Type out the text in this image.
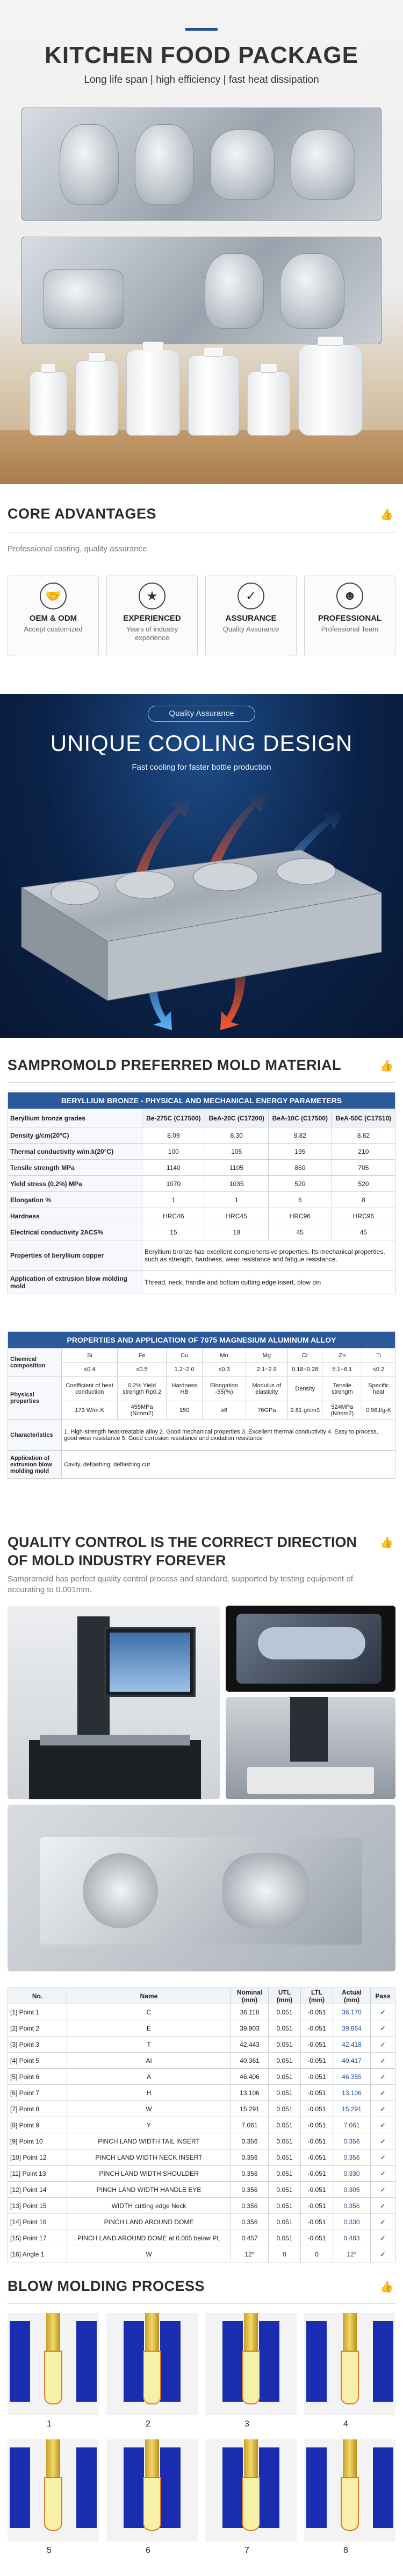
KITCHEN FOOD PACKAGE
Long life span | high efficiency | fast heat dissipation
CORE ADVANTAGES	👍
Professional casting, quality assurance
🤝
OEM & ODM
Accept customized
★
EXPERIENCED
Years of industry experience
✓
ASSURANCE
Quality Assurance
☻
PROFESSIONAL
Professional Team
Quality Assurance
UNIQUE COOLING DESIGN
Fast cooling for faster bottle production
SAMPROMOLD PREFERRED MOLD MATERIAL	👍
BERYLLIUM BRONZE - PHYSICAL AND MECHANICAL ENERGY PARAMETERS				
Beryllium bronze grades	Be-275C (C17500)	BeA-20C (C17200)	BeA-10C (C17500)	BeA-50C (C17510)
Density g/cm(20°C)	8.09	8.30	8.82	8.82
Thermal conductivity w/m.k(20°C)	100	105	195	210
Tensile strength MPa	1140	1105	860	705
Yield stress (0.2%) MPa	1070	1035	520	520
Elongation %	1	1	6	8
Hardness	HRC46	HRC45	HRC96	HRC96
Electrical conductivity 2ACS%	15	18	45	45
Properties of beryllium copper	Beryllium bronze has excellent comprehensive properties. Its mechanical properties, such as strength, hardness, wear resistance and fatigue resistance.			
Application of extrusion blow molding mold	Thread, neck, handle and bottom cutting edge insert, blow pin			
PROPERTIES AND APPLICATION OF 7075 MAGNESIUM ALUMINUM ALLOY								
Chemical composition	Si	Fe	Cu	Mn	Mg	Cr	Zn	Ti
	≤0.4	≤0.5	1.2~2.0	≤0.3	2.1~2.9	0.18~0.28	5.1~6.1	≤0.2
Physical properties	Coefficient of heat conduction	0.2% Yield strength Rp0.2	Hardness HB	Elongation -55(%)	Modulus of elasticity	Density	Tensile strength	Specific heat
	173 W/m.K	455MPa (N/mm2)	150	≥6	76GPa	2.81 g/cm3	524MPa (N/mm2)	0.96J/g-K
Characteristics	1. High-strength heat-treatable alloy 2. Good mechanical properties 3. Excellent thermal conductivity 4. Easy to process, good wear resistance 5. Good corrosion resistance and oxidation resistance							
Application of extrusion blow molding mold	Cavity, defiashing, deflashing cut							
QUALITY CONTROL IS THE CORRECT DIRECTION OF MOLD INDUSTRY FOREVER
👍
Sampromold has perfect quality control process and standard, supported by testing equipment of accurating to 0.001mm.
No.	Name	Nominal (mm)	UTL (mm)	LTL (mm)	Actual (mm)	Pass
[1] Point 1	C	36.118	0.051	-0.051	36.170	✓
[2] Point 2	E	39.903	0.051	-0.051	39.864	✓
[3] Point 3	T	42.443	0.051	-0.051	42.418	✓
[4] Point 5	AI	40.361	0.051	-0.051	40.417	✓
[5] Point 6	A	46.406	0.051	-0.051	46.355	✓
[6] Point 7	H	13.106	0.051	-0.051	13.106	✓
[7] Point 8	W	15.291	0.051	-0.051	15.291	✓
[8] Point 9	Y	7.061	0.051	-0.051	7.061	✓
[9] Point 10	PINCH LAND WIDTH TAIL INSERT	0.356	0.051	-0.051	0.356	✓
[10] Point 12	PINCH LAND WIDTH NECK INSERT	0.356	0.051	-0.051	0.356	✓
[11] Point 13	PINCH LAND WIDTH SHOULDER	0.356	0.051	-0.051	0.330	✓
[12] Point 14	PINCH LAND WIDTH HANDLE EYE	0.356	0.051	-0.051	0.305	✓
[13] Point 15	WIDTH cutting edge Neck	0.356	0.051	-0.051	0.356	✓
[14] Point 16	PINCH LAND AROUND DOME	0.356	0.051	-0.051	0.330	✓
[15] Point 17	PINCH LAND AROUND DOME at 0.005 below PL	0.457	0.051	-0.051	0.483	✓
[16] Angle 1	W	12°	0	0	12°	✓
BLOW MOLDING PROCESS	👍
1	2	3	4
5	6	7	8
